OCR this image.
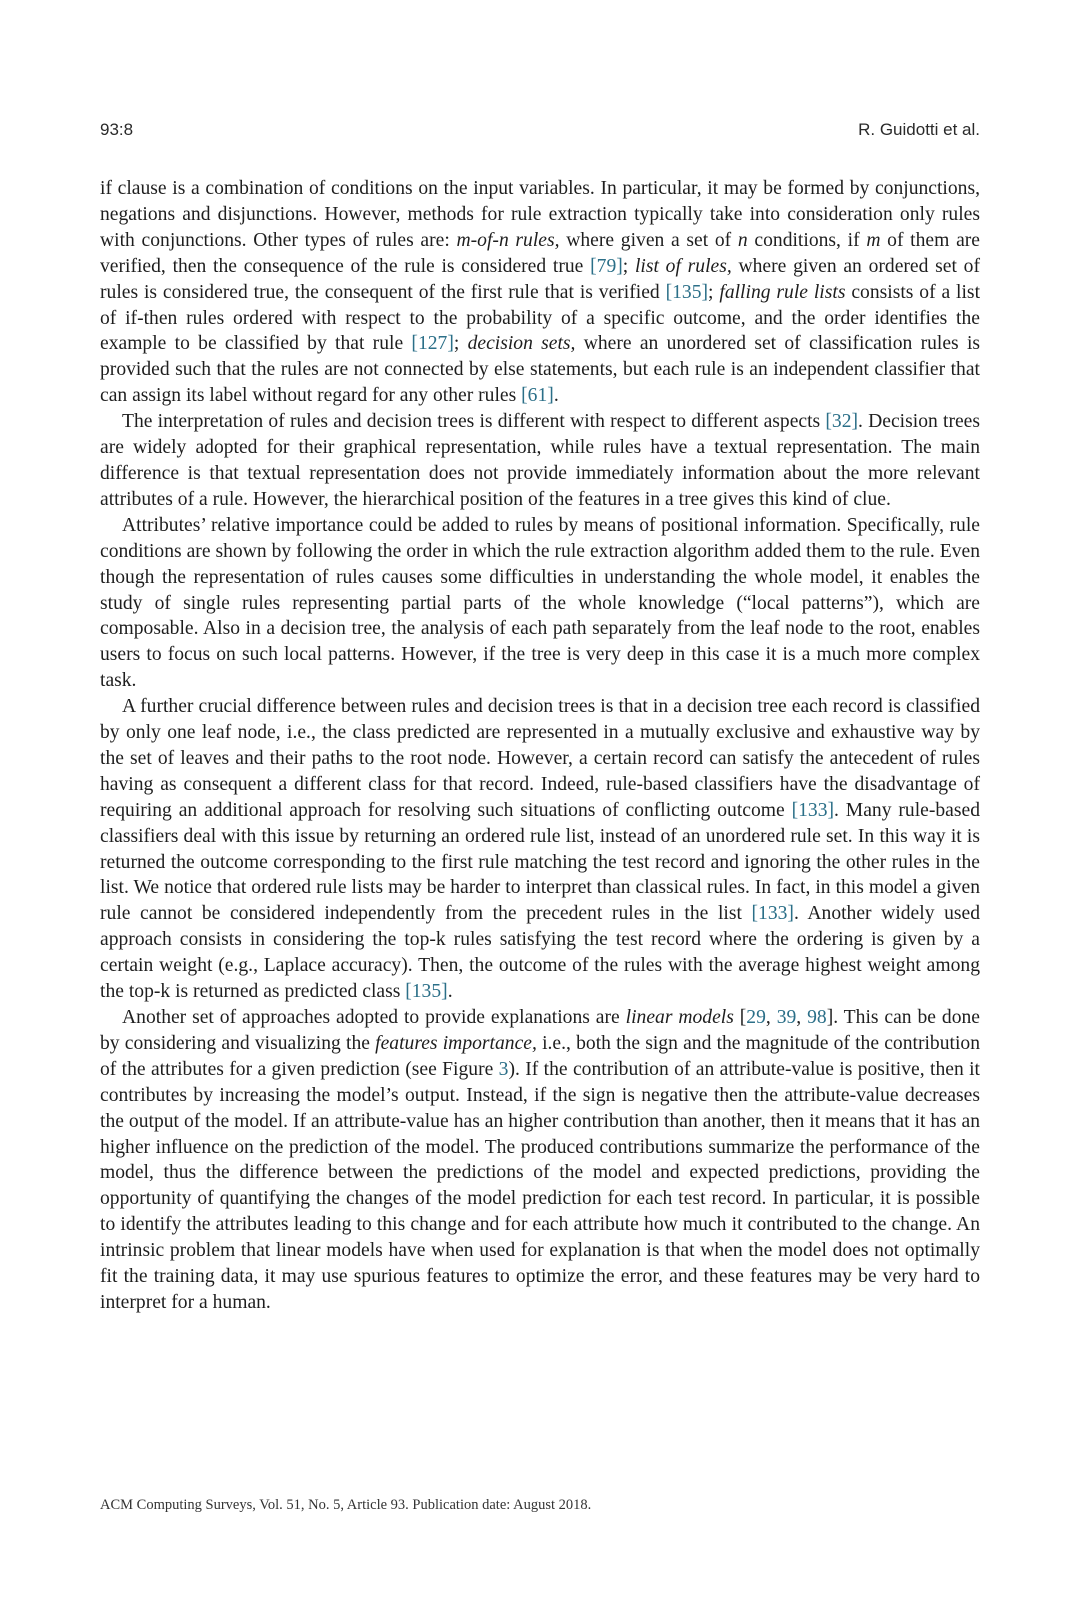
93:8	R. Guidotti et al.

if clause is a combination of conditions on the input variables. In particular, it may be formed by conjunctions, negations and disjunctions. However, methods for rule extraction typically take into consideration only rules with conjunctions. Other types of rules are: m-of-n rules, where given a set of n conditions, if m of them are verified, then the consequence of the rule is considered true [79]; list of rules, where given an ordered set of rules is considered true, the consequent of the first rule that is verified [135]; falling rule lists consists of a list of if-then rules ordered with respect to the probability of a specific outcome, and the order identifies the example to be classified by that rule [127]; decision sets, where an unordered set of classification rules is provided such that the rules are not connected by else statements, but each rule is an independent classifier that can assign its label without regard for any other rules [61].

The interpretation of rules and decision trees is different with respect to different aspects [32]. Decision trees are widely adopted for their graphical representation, while rules have a textual representation. The main difference is that textual representation does not provide immediately information about the more relevant attributes of a rule. However, the hierarchical position of the features in a tree gives this kind of clue.

Attributes’ relative importance could be added to rules by means of positional information. Specifically, rule conditions are shown by following the order in which the rule extraction algorithm added them to the rule. Even though the representation of rules causes some difficulties in understanding the whole model, it enables the study of single rules representing partial parts of the whole knowledge (“local patterns”), which are composable. Also in a decision tree, the analysis of each path separately from the leaf node to the root, enables users to focus on such local patterns. However, if the tree is very deep in this case it is a much more complex task.

A further crucial difference between rules and decision trees is that in a decision tree each record is classified by only one leaf node, i.e., the class predicted are represented in a mutually exclusive and exhaustive way by the set of leaves and their paths to the root node. However, a certain record can satisfy the antecedent of rules having as consequent a different class for that record. Indeed, rule-based classifiers have the disadvantage of requiring an additional approach for resolving such situations of conflicting outcome [133]. Many rule-based classifiers deal with this issue by returning an ordered rule list, instead of an unordered rule set. In this way it is returned the outcome corresponding to the first rule matching the test record and ignoring the other rules in the list. We notice that ordered rule lists may be harder to interpret than classical rules. In fact, in this model a given rule cannot be considered independently from the precedent rules in the list [133]. Another widely used approach consists in considering the top-k rules satisfying the test record where the ordering is given by a certain weight (e.g., Laplace accuracy). Then, the outcome of the rules with the average highest weight among the top-k is returned as predicted class [135].

Another set of approaches adopted to provide explanations are linear models [29, 39, 98]. This can be done by considering and visualizing the features importance, i.e., both the sign and the magnitude of the contribution of the attributes for a given prediction (see Figure 3). If the contribution of an attribute-value is positive, then it contributes by increasing the model’s output. Instead, if the sign is negative then the attribute-value decreases the output of the model. If an attribute-value has an higher contribution than another, then it means that it has an higher influence on the prediction of the model. The produced contributions summarize the performance of the model, thus the difference between the predictions of the model and expected predictions, providing the opportunity of quantifying the changes of the model prediction for each test record. In particular, it is possible to identify the attributes leading to this change and for each attribute how much it contributed to the change. An intrinsic problem that linear models have when used for explanation is that when the model does not optimally fit the training data, it may use spurious features to optimize the error, and these features may be very hard to interpret for a human.

ACM Computing Surveys, Vol. 51, No. 5, Article 93. Publication date: August 2018.
